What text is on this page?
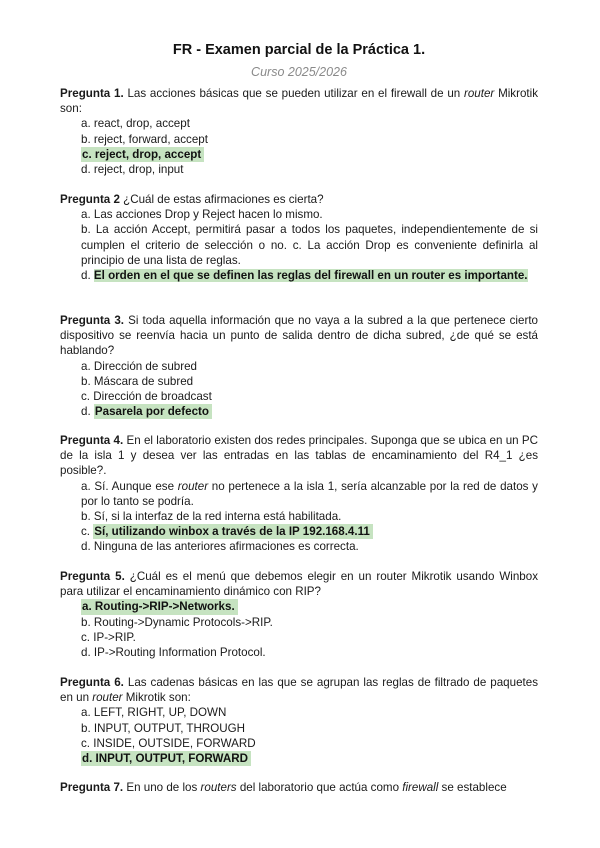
FR - Examen parcial de la Práctica 1.
Curso 2025/2026

Pregunta 1. Las acciones básicas que se pueden utilizar en el firewall de un router Mikrotik son:

a. react, drop, accept
b. reject, forward, accept
c. reject, drop, accept
d. reject, drop, input

Pregunta 2 ¿Cuál de estas afirmaciones es cierta?

a. Las acciones Drop y Reject hacen lo mismo.
b. La acción Accept, permitirá pasar a todos los paquetes, independientemente de si cumplen el criterio de selección o no. c. La acción Drop es conveniente definirla al principio de una lista de reglas.
d. El orden en el que se definen las reglas del firewall en un router es importante.

Pregunta 3. Si toda aquella información que no vaya a la subred a la que pertenece cierto dispositivo se reenvía hacia un punto de salida dentro de dicha subred, ¿de qué se está hablando?

a. Dirección de subred
b. Máscara de subred
c. Dirección de broadcast
d. Pasarela por defecto

Pregunta 4. En el laboratorio existen dos redes principales. Suponga que se ubica en un PC de la isla 1 y desea ver las entradas en las tablas de encaminamiento del R4_1 ¿es posible?.

a. Sí. Aunque ese router no pertenece a la isla 1, sería alcanzable por la red de datos y por lo tanto se podría.
b. Sí, si la interfaz de la red interna está habilitada.
c. Sí, utilizando winbox a través de la IP 192.168.4.11
d. Ninguna de las anteriores afirmaciones es correcta.

Pregunta 5. ¿Cuál es el menú que debemos elegir en un router Mikrotik usando Winbox para utilizar el encaminamiento dinámico con RIP?

a. Routing->RIP->Networks.
b. Routing->Dynamic Protocols->RIP.
c. IP->RIP.
d. IP->Routing Information Protocol.

Pregunta 6. Las cadenas básicas en las que se agrupan las reglas de filtrado de paquetes en un router Mikrotik son:

a. LEFT, RIGHT, UP, DOWN
b. INPUT, OUTPUT, THROUGH
c. INSIDE, OUTSIDE, FORWARD
d. INPUT, OUTPUT, FORWARD

Pregunta 7. En uno de los routers del laboratorio que actúa como firewall se establece
